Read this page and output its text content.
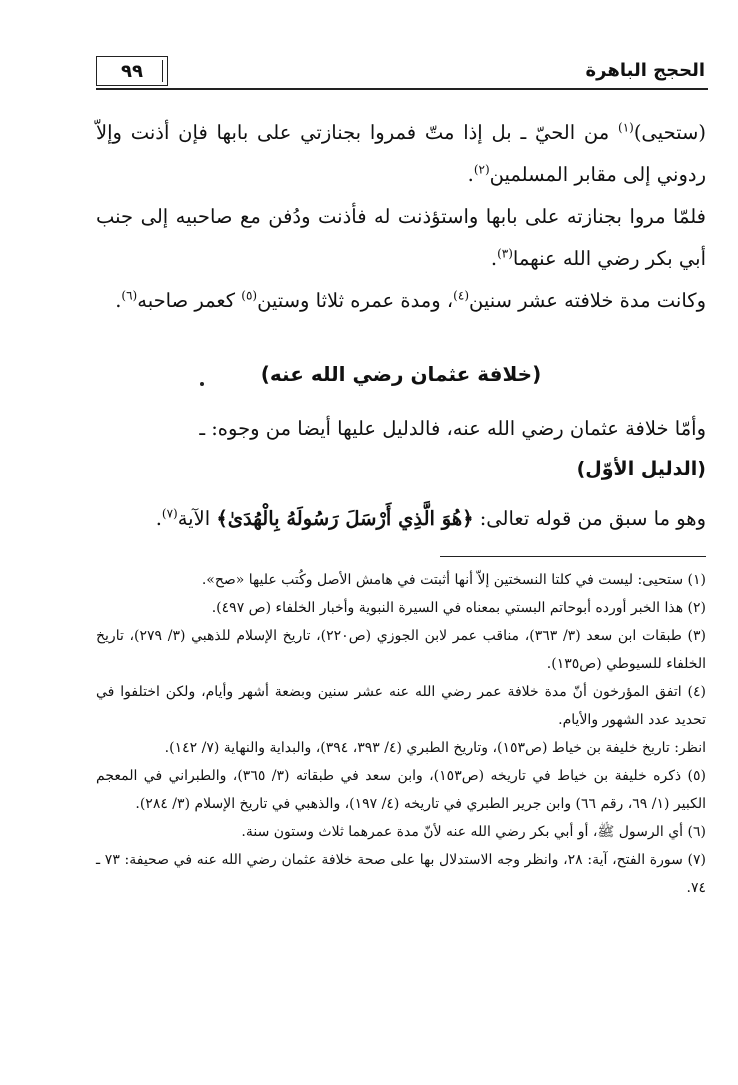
٩٩	الحجج الباهرة

(ستحيى)$^{(١)}$ من الحيّ ـ بل إذا متّ فمروا بجنازتي على بابها فإن أذنت وإلاّ ردوني إلى مقابر المسلمين$^{(٢)}$.

فلمّا مروا بجنازته على بابها واستؤذنت له فأذنت ودُفن مع صاحبيه إلى جنب أبي بكر رضي الله عنهما$^{(٣)}$.

وكانت مدة خلافته عشر سنين$^{(٤)}$، ومدة عمره ثلاثا وستين$^{(٥)}$ كعمر صاحبه$^{(٦)}$.

(خلافة عثمان رضي الله عنه)

وأمّا خلافة عثمان رضي الله عنه، فالدليل عليها أيضا من وجوه: ـ

(الدليل الأوّل)

وهو ما سبق من قوله تعالى: ﴿هُوَ الَّذِي أَرْسَلَ رَسُولَهُ بِالْهُدَىٰ﴾ الآية$^{(٧)}$.

(١) ستحيى: ليست في كلتا النسختين إلاّ أنها أثبتت في هامش الأصل وكُتب عليها «صح».

(٢) هذا الخبر أورده أبوحاتم البستي بمعناه في السيرة النبوية وأخبار الخلفاء (ص ٤٩٧).

(٣) طبقات ابن سعد (٣/ ٣٦٣)، مناقب عمر لابن الجوزي (ص٢٢٠)، تاريخ الإسلام للذهبي (٣/ ٢٧٩)، تاريخ الخلفاء للسيوطي (ص١٣٥).

(٤) اتفق المؤرخون أنّ مدة خلافة عمر رضي الله عنه عشر سنين وبضعة أشهر وأيام، ولكن اختلفوا في تحديد عدد الشهور والأيام.

انظر: تاريخ خليفة بن خياط (ص١٥٣)، وتاريخ الطبري (٤/ ٣٩٣، ٣٩٤)، والبداية والنهاية (٧/ ١٤٢).

(٥) ذكره خليفة بن خياط في تاريخه (ص١٥٣)، وابن سعد في طبقاته (٣/ ٣٦٥)، والطبراني في المعجم الكبير (١/ ٦٩، رقم ٦٦) وابن جرير الطبري في تاريخه (٤/ ١٩٧)، والذهبي في تاريخ الإسلام (٣/ ٢٨٤).

(٦) أي الرسول ﷺ، أو أبي بكر رضي الله عنه لأنّ مدة عمرهما ثلاث وستون سنة.

(٧) سورة الفتح، آية: ٢٨، وانظر وجه الاستدلال بها على صحة خلافة عثمان رضي الله عنه في صحيفة: ٧٣ ـ ٧٤.
